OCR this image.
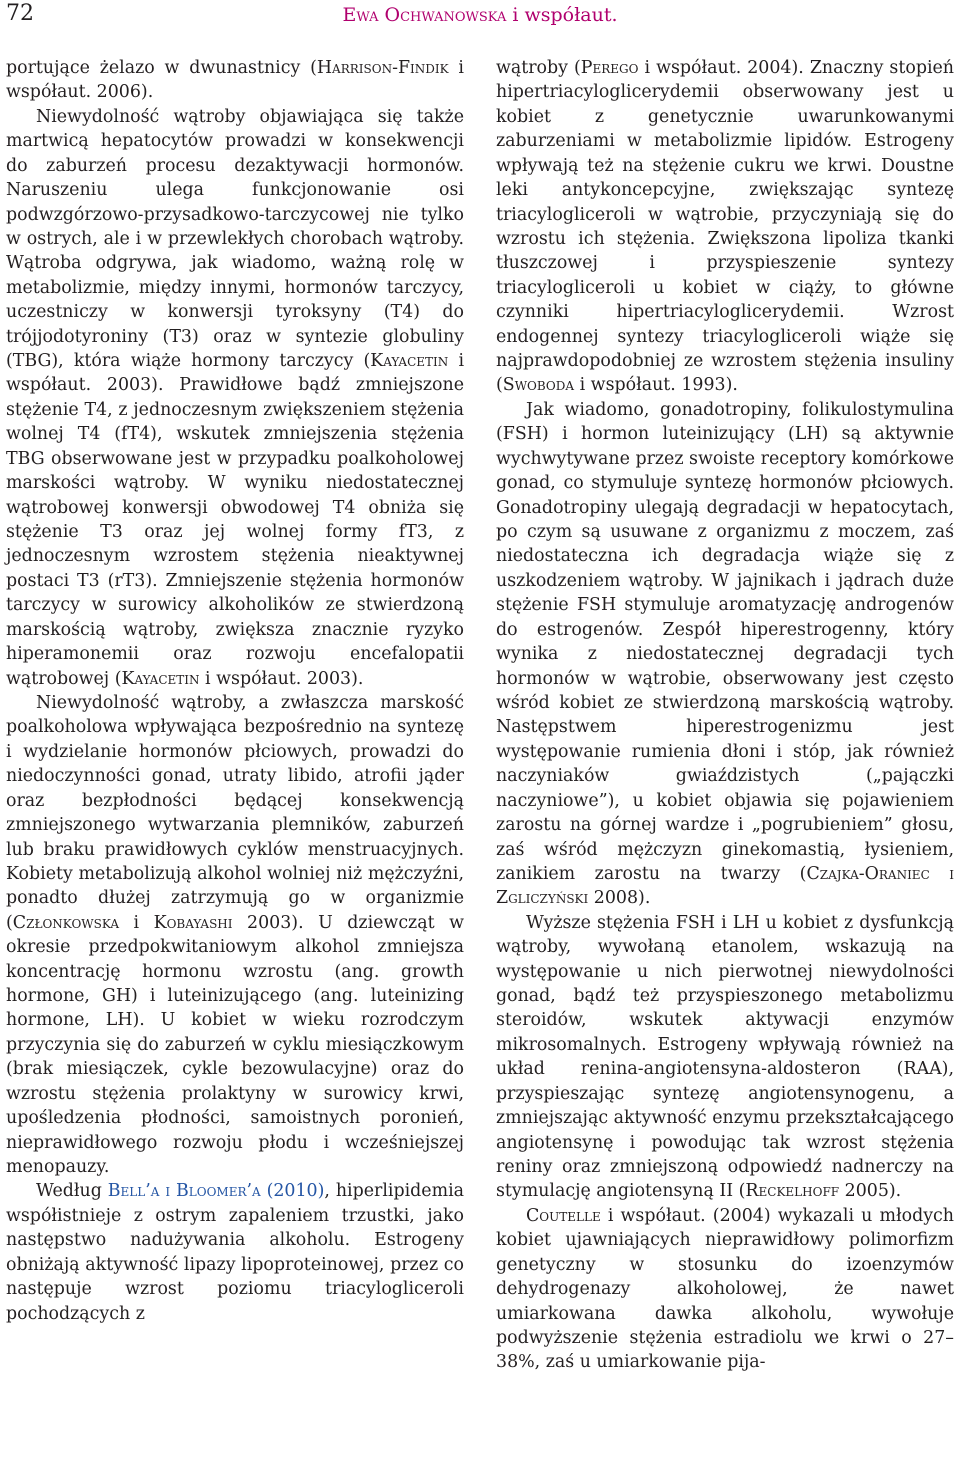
72	Ewa Ochwanowska i współaut.

portujące żelazo w dwunastnicy (Harrison-Findik i współaut. 2006).

Niewydolność wątroby objawiająca się także martwicą hepatocytów prowadzi w konsekwencji do zaburzeń procesu dezaktywacji hormonów. Naruszeniu ulega funkcjonowanie osi podwzgórzowo-przysadkowo-tarczycowej nie tylko w ostrych, ale i w przewlekłych chorobach wątroby. Wątroba odgrywa, jak wiadomo, ważną rolę w metabolizmie, między innymi, hormonów tarczycy, uczestniczy w konwersji tyroksyny (T4) do trójjodotyroniny (T3) oraz w syntezie globuliny (TBG), która wiąże hormony tarczycy (Kayacetin i współaut. 2003). Prawidłowe bądź zmniejszone stężenie T4, z jednoczesnym zwiększeniem stężenia wolnej T4 (fT4), wskutek zmniejszenia stężenia TBG obserwowane jest w przypadku poalkoholowej marskości wątroby. W wyniku niedostatecznej wątrobowej konwersji obwodowej T4 obniża się stężenie T3 oraz jej wolnej formy fT3, z jednoczesnym wzrostem stężenia nieaktywnej postaci T3 (rT3). Zmniejszenie stężenia hormonów tarczycy w surowicy alkoholików ze stwierdzoną marskością wątroby, zwiększa znacznie ryzyko hiperamonemii oraz rozwoju encefalopatii wątrobowej (Kayacetin i współaut. 2003).

Niewydolność wątroby, a zwłaszcza marskość poalkoholowa wpływająca bezpośrednio na syntezę i wydzielanie hormonów płciowych, prowadzi do niedoczynności gonad, utraty libido, atrofii jąder oraz bezpłodności będącej konsekwencją zmniejszonego wytwarzania plemników, zaburzeń lub braku prawidłowych cyklów menstruacyjnych. Kobiety metabolizują alkohol wolniej niż mężczyźni, ponadto dłużej zatrzymują go w organizmie (Członkowska i Kobayashi 2003). U dziewcząt w okresie przedpokwitaniowym alkohol zmniejsza koncentrację hormonu wzrostu (ang. growth hormone, GH) i luteinizującego (ang. luteinizing hormone, LH). U kobiet w wieku rozrodczym przyczynia się do zaburzeń w cyklu miesiączkowym (brak miesiączek, cykle bezowulacyjne) oraz do wzrostu stężenia prolaktyny w surowicy krwi, upośledzenia płodności, samoistnych poronień, nieprawidłowego rozwoju płodu i wcześniejszej menopauzy.

Według Bell’a i Bloomer’a (2010), hiperlipidemia współistnieje z ostrym zapaleniem trzustki, jako następstwo nadużywania alkoholu. Estrogeny obniżają aktywność lipazy lipoproteinowej, przez co następuje wzrost poziomu triacylogliceroli pochodzących z

wątroby (Perego i współaut. 2004). Znaczny stopień hipertriacyloglicerydemii obserwowany jest u kobiet z genetycznie uwarunkowanymi zaburzeniami w metabolizmie lipidów. Estrogeny wpływają też na stężenie cukru we krwi. Doustne leki antykoncepcyjne, zwiększając syntezę triacylogliceroli w wątrobie, przyczyniają się do wzrostu ich stężenia. Zwiększona lipoliza tkanki tłuszczowej i przyspieszenie syntezy triacylogliceroli u kobiet w ciąży, to główne czynniki hipertriacyloglicerydemii. Wzrost endogennej syntezy triacylogliceroli wiąże się najprawdopodobniej ze wzrostem stężenia insuliny (Swoboda i współaut. 1993).

Jak wiadomo, gonadotropiny, folikulostymulina (FSH) i hormon luteinizujący (LH) są aktywnie wychwytywane przez swoiste receptory komórkowe gonad, co stymuluje syntezę hormonów płciowych. Gonadotropiny ulegają degradacji w hepatocytach, po czym są usuwane z organizmu z moczem, zaś niedostateczna ich degradacja wiąże się z uszkodzeniem wątroby. W jajnikach i jądrach duże stężenie FSH stymuluje aromatyzację androgenów do estrogenów. Zespół hiperestrogenny, który wynika z niedostatecznej degradacji tych hormonów w wątrobie, obserwowany jest często wśród kobiet ze stwierdzoną marskością wątroby. Następstwem hiperestrogenizmu jest występowanie rumienia dłoni i stóp, jak również naczyniaków gwiaździstych („pajączki naczyniowe”), u kobiet objawia się pojawieniem zarostu na górnej wardze i „pogrubieniem” głosu, zaś wśród mężczyzn ginekomastią, łysieniem, zanikiem zarostu na twarzy (Czajka-Oraniec i Zgliczyński 2008).

Wyższe stężenia FSH i LH u kobiet z dysfunkcją wątroby, wywołaną etanolem, wskazują na występowanie u nich pierwotnej niewydolności gonad, bądź też przyspieszonego metabolizmu steroidów, wskutek aktywacji enzymów mikrosomalnych. Estrogeny wpływają również na układ renina-angiotensyna-aldosteron (RAA), przyspieszając syntezę angiotensynogenu, a zmniejszając aktywność enzymu przekształcającego angiotensynę i powodując tak wzrost stężenia reniny oraz zmniejszoną odpowiedź nadnerczy na stymulację angiotensyną II (Reckelhoff 2005).

Coutelle i współaut. (2004) wykazali u młodych kobiet ujawniających nieprawidłowy polimorfizm genetyczny w stosunku do izoenzymów dehydrogenazy alkoholowej, że nawet umiarkowana dawka alkoholu, wywołuje podwyższenie stężenia estradiolu we krwi o 27–38%, zaś u umiarkowanie pija-
